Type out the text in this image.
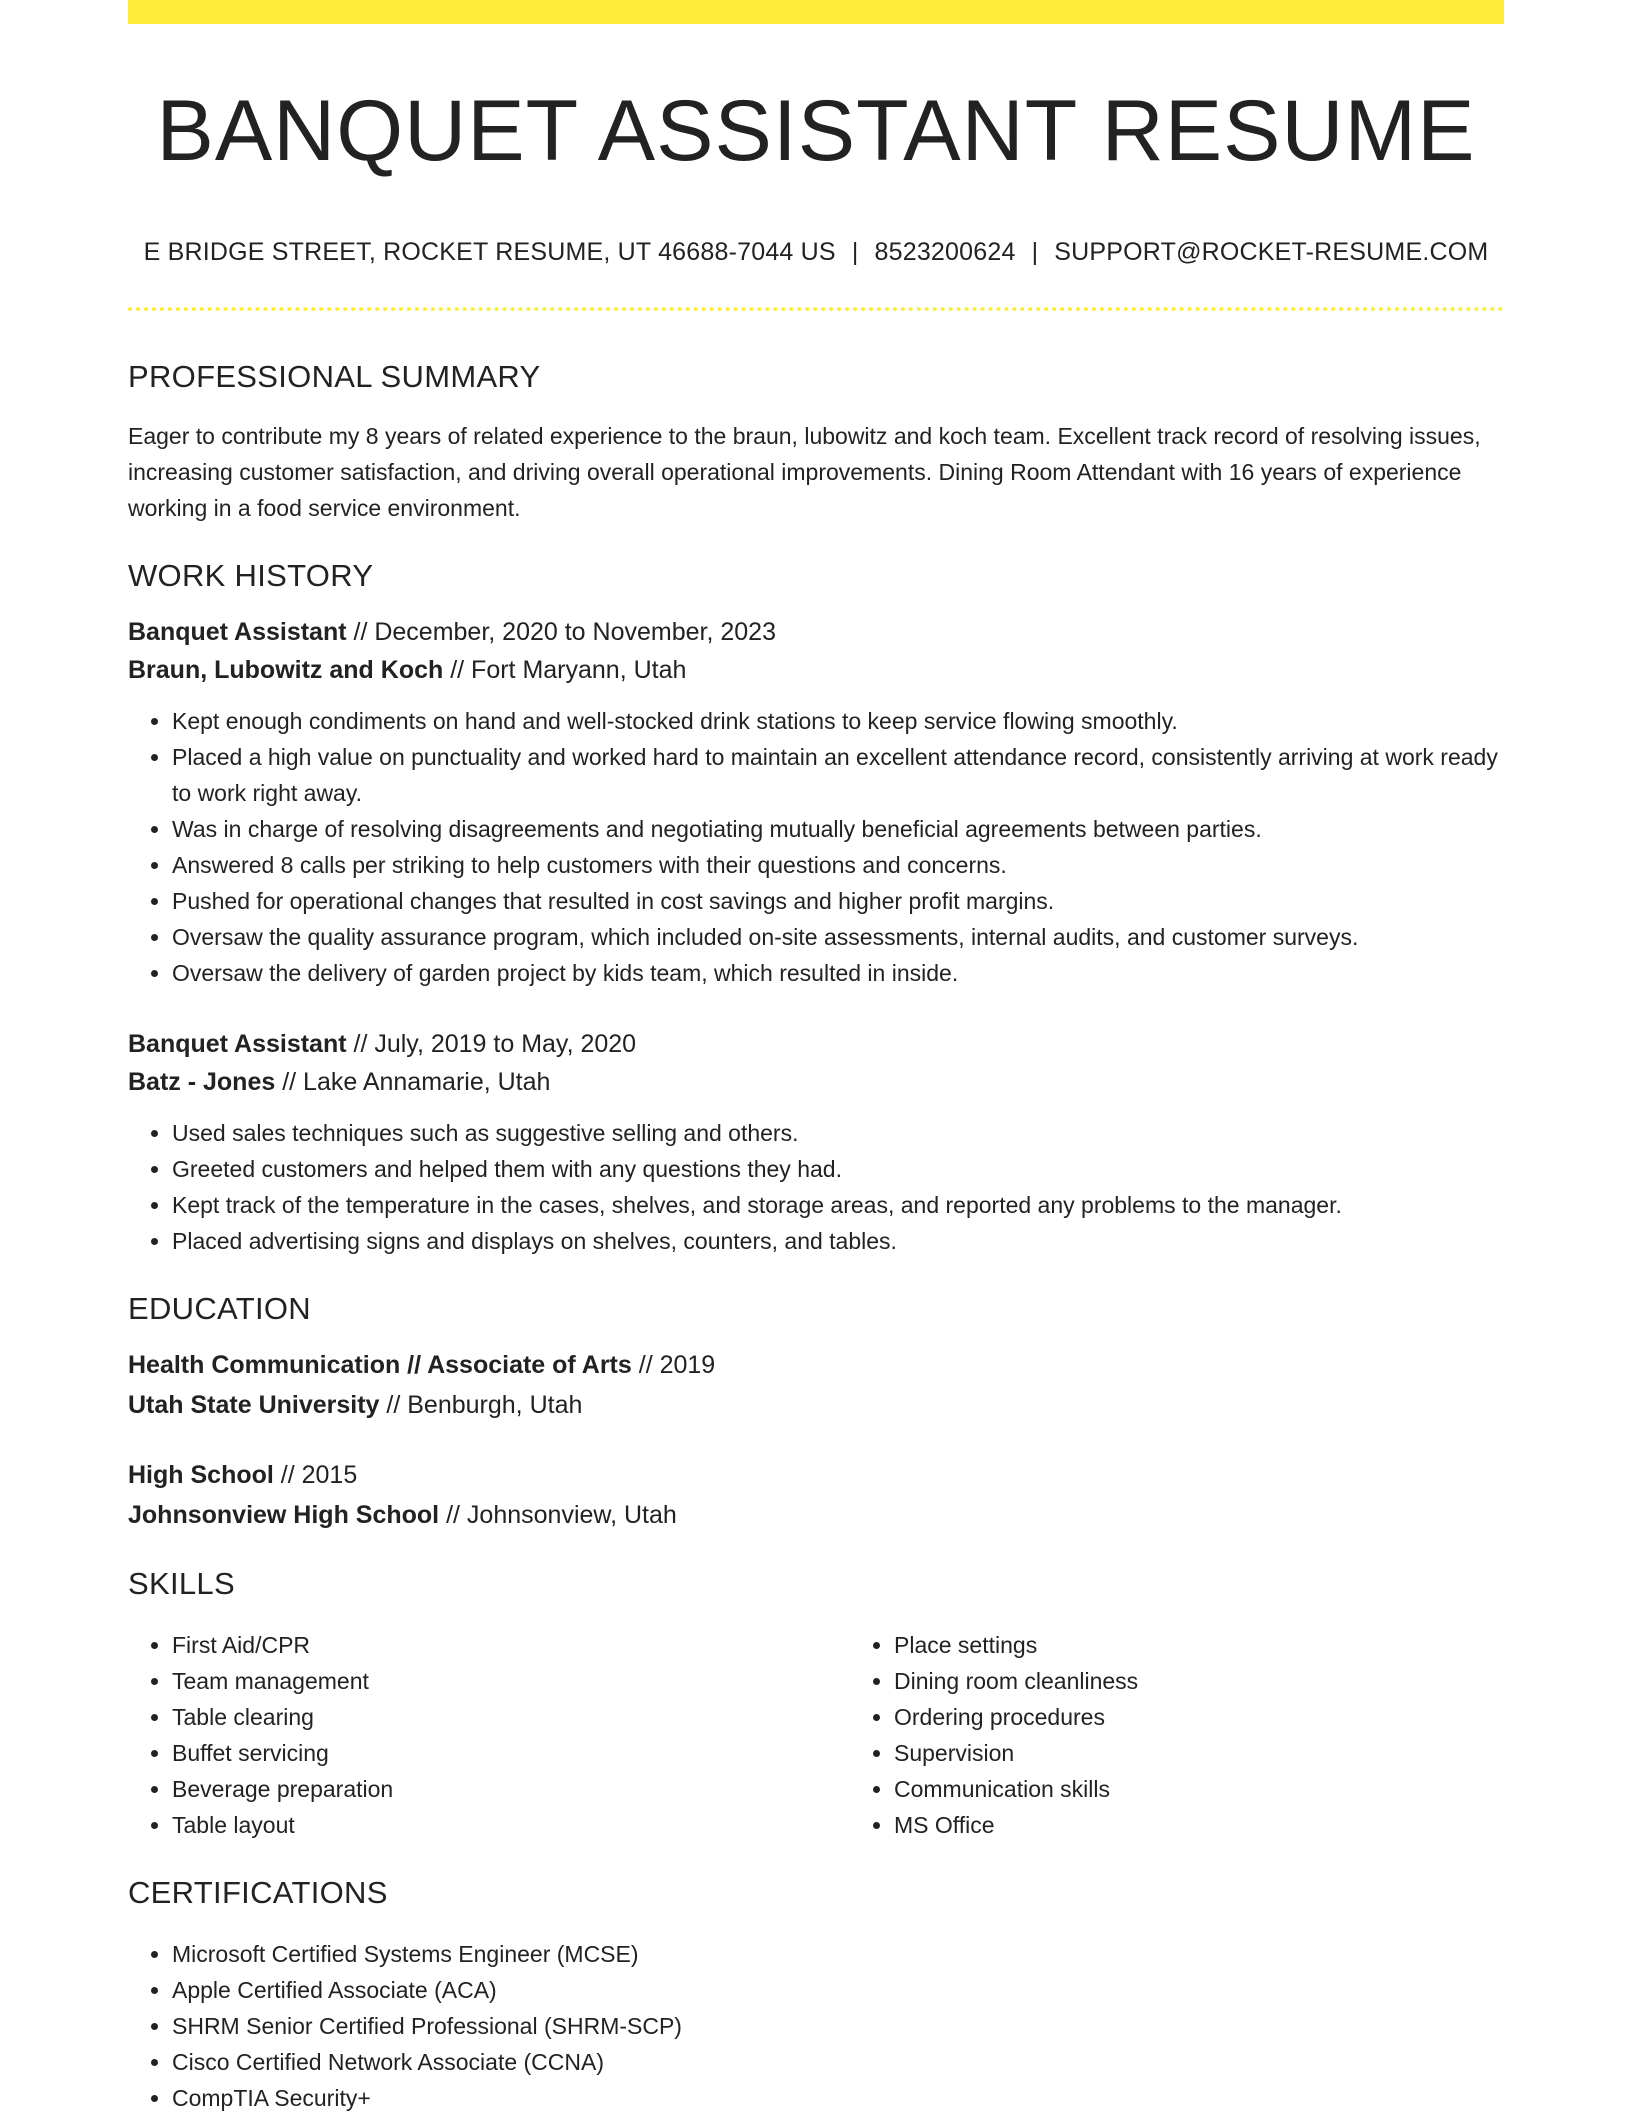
BANQUET ASSISTANT RESUME
E BRIDGE STREET, ROCKET RESUME, UT 46688-7044 US | 8523200624 | SUPPORT@ROCKET-RESUME.COM
PROFESSIONAL SUMMARY

Eager to contribute my 8 years of related experience to the braun, lubowitz and koch team. Excellent track record of resolving issues, increasing customer satisfaction, and driving overall operational improvements. Dining Room Attendant with 16 years of experience working in a food service environment.

WORK HISTORY
Banquet Assistant // December, 2020 to November, 2023
Braun, Lubowitz and Koch // Fort Maryann, Utah
• Kept enough condiments on hand and well-stocked drink stations to keep service flowing smoothly.
• Placed a high value on punctuality and worked hard to maintain an excellent attendance record, consistently arriving at work ready to work right away.
• Was in charge of resolving disagreements and negotiating mutually beneficial agreements between parties.
• Answered 8 calls per striking to help customers with their questions and concerns.
• Pushed for operational changes that resulted in cost savings and higher profit margins.
• Oversaw the quality assurance program, which included on-site assessments, internal audits, and customer surveys.
• Oversaw the delivery of garden project by kids team, which resulted in inside.
Banquet Assistant // July, 2019 to May, 2020
Batz - Jones // Lake Annamarie, Utah
• Used sales techniques such as suggestive selling and others.
• Greeted customers and helped them with any questions they had.
• Kept track of the temperature in the cases, shelves, and storage areas, and reported any problems to the manager.
• Placed advertising signs and displays on shelves, counters, and tables.
EDUCATION
Health Communication // Associate of Arts // 2019
Utah State University // Benburgh, Utah
High School // 2015
Johnsonview High School // Johnsonview, Utah
SKILLS
• First Aid/CPR
• Team management
• Table clearing
• Buffet servicing
• Beverage preparation
• Table layout
• Place settings
• Dining room cleanliness
• Ordering procedures
• Supervision
• Communication skills
• MS Office
CERTIFICATIONS
• Microsoft Certified Systems Engineer (MCSE)
• Apple Certified Associate (ACA)
• SHRM Senior Certified Professional (SHRM-SCP)
• Cisco Certified Network Associate (CCNA)
• CompTIA Security+
